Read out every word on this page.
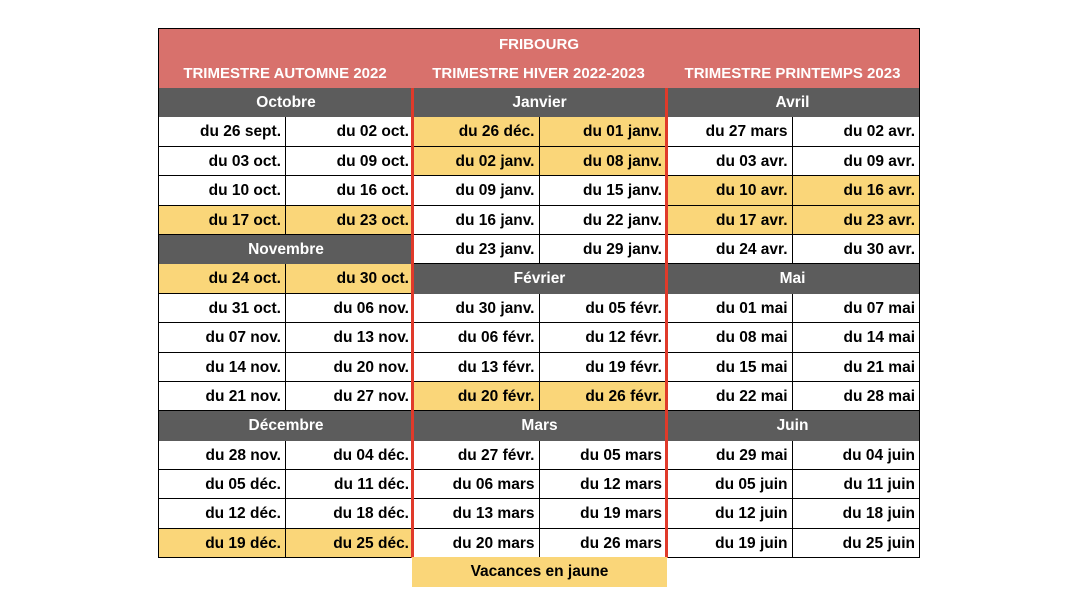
FRIBOURG
TRIMESTRE AUTOMNE 2022	TRIMESTRE HIVER 2022-2023	TRIMESTRE PRINTEMPS 2023
Octobre
du 26 sept.	du 02 oct.
du 03 oct.	du 09 oct.
du 10 oct.	du 16 oct.
du 17 oct.	du 23 oct.
Novembre
du 24 oct.	du 30 oct.
du 31 oct.	du 06 nov.
du 07 nov.	du 13 nov.
du 14 nov.	du 20 nov.
du 21 nov.	du 27 nov.
Décembre
du 28 nov.	du 04 déc.
du 05 déc.	du 11 déc.
du 12 déc.	du 18 déc.
du 19 déc.	du 25 déc.
Janvier
du 26 déc.	du 01 janv.
du 02 janv.	du 08 janv.
du 09 janv.	du 15 janv.
du 16 janv.	du 22 janv.
du 23 janv.	du 29 janv.
Février
du 30 janv.	du 05 févr.
du 06 févr.	du 12 févr.
du 13 févr.	du 19 févr.
du 20 févr.	du 26 févr.
Mars
du 27 févr.	du 05 mars
du 06 mars	du 12 mars
du 13 mars	du 19 mars
du 20 mars	du 26 mars
Avril
du 27 mars	du 02 avr.
du 03 avr.	du 09 avr.
du 10 avr.	du 16 avr.
du 17 avr.	du 23 avr.
du 24 avr.	du 30 avr.
Mai
du 01 mai	du 07 mai
du 08 mai	du 14 mai
du 15 mai	du 21 mai
du 22 mai	du 28 mai
Juin
du 29 mai	du 04 juin
du 05 juin	du 11 juin
du 12 juin	du 18 juin
du 19 juin	du 25 juin
Vacances en jaune
